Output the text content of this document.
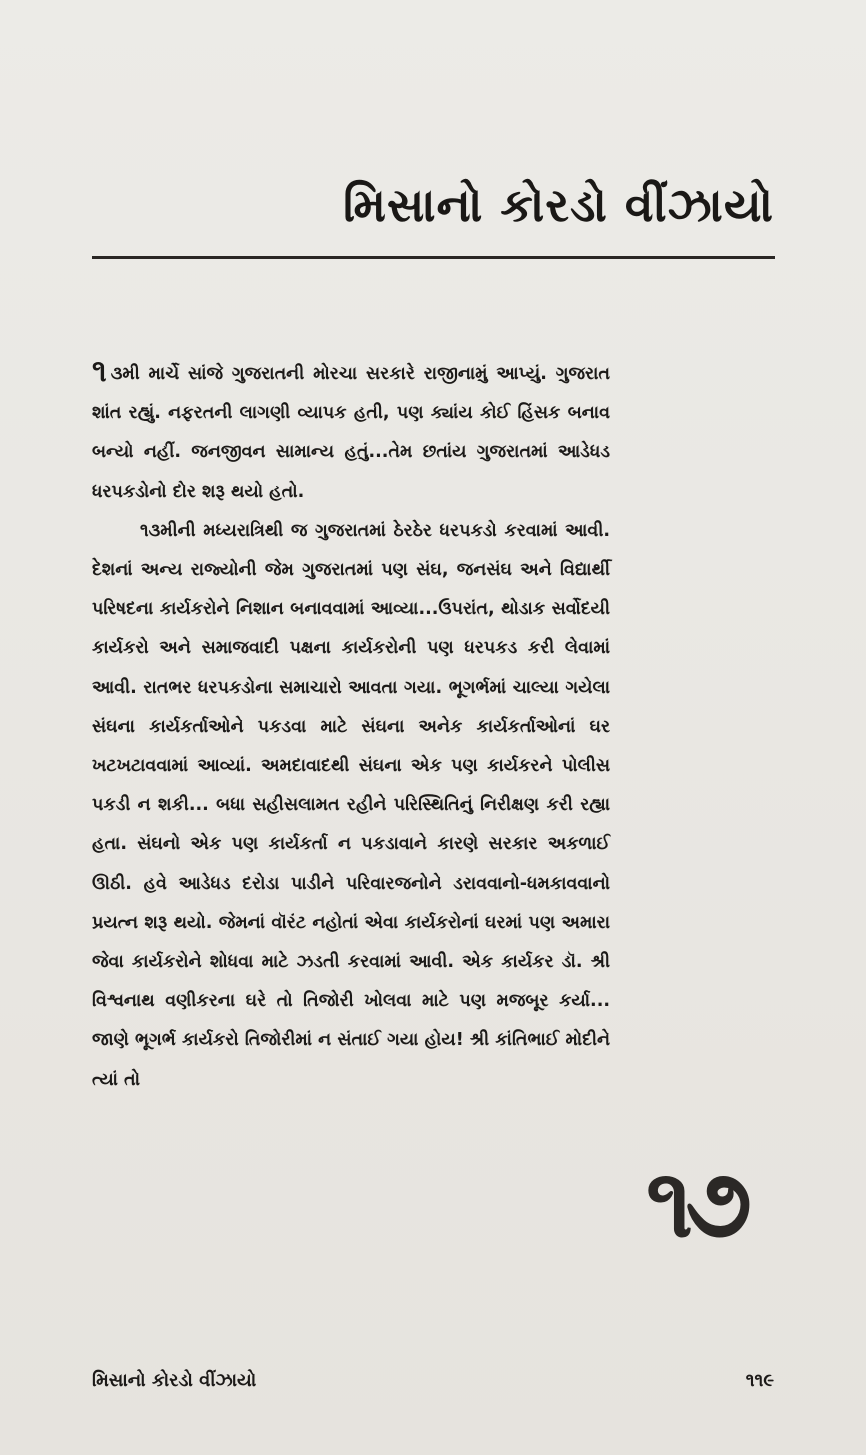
મિસાનો કોરડો વીંઝાયો

૧ ૩મી માર્ચે સાંજે ગુજરાતની મોરચા સરકારે રાજીનામું આપ્યું. ગુજરાત શાંત રહ્યું. નફરતની લાગણી વ્યાપક હતી, પણ ક્યાંય કોઈ હિંસક બનાવ બન્યો નહીં. જનજીવન સામાન્ય હતું...તેમ છતાંય ગુજરાતમાં આડેધડ ધરપકડોનો દોર શરૂ થયો હતો.

૧૩મીની મધ્યરાત્રિથી જ ગુજરાતમાં ઠેરઠેર ધરપકડો કરવામાં આવી. દેશનાં અન્ય રાજ્યોની જેમ ગુજરાતમાં પણ સંઘ, જનસંઘ અને વિદ્યાર્થી પરિષદના કાર્યકરોને નિશાન બનાવવામાં આવ્યા...ઉપરાંત, થોડાક સર્વોદયી કાર્યકરો અને સમાજવાદી પક્ષના કાર્યકરોની પણ ધરપકડ કરી લેવામાં આવી. રાતભર ધરપકડોના સમાચારો આવતા ગયા. ભૂગર્ભમાં ચાલ્યા ગયેલા સંઘના કાર્યકર્તાઓને પકડવા માટે સંઘના અનેક કાર્યકર્તાઓનાં ઘર ખટખટાવવામાં આવ્યાં. અમદાવાદથી સંઘના એક પણ કાર્યકરને પોલીસ પકડી ન શકી... બધા સહીસલામત રહીને પરિસ્થિતિનું નિરીક્ષણ કરી રહ્યા હતા. સંઘનો એક પણ કાર્યકર્તા ન પકડાવાને કારણે સરકાર અકળાઈ ઊઠી. હવે આડેધડ દરોડા પાડીને પરિવારજનોને ડરાવવાનો-ધમકાવવાનો પ્રયત્ન શરૂ થયો. જેમનાં વૉરંટ નહોતાં એવા કાર્યકરોનાં ઘરમાં પણ અમારા જેવા કાર્યકરોને શોધવા માટે ઝડતી કરવામાં આવી. એક કાર્યકર ડૉ. શ્રી વિશ્વનાથ વણીકરના ઘરે તો તિજોરી ખોલવા માટે પણ મજબૂર કર્યા... જાણે ભૂગર્ભ કાર્યકરો તિજોરીમાં ન સંતાઈ ગયા હોય! શ્રી કાંતિભાઈ મોદીને ત્યાં તો

૧૭
મિસાનો કોરડો વીંઝાયો	૧૧૯
